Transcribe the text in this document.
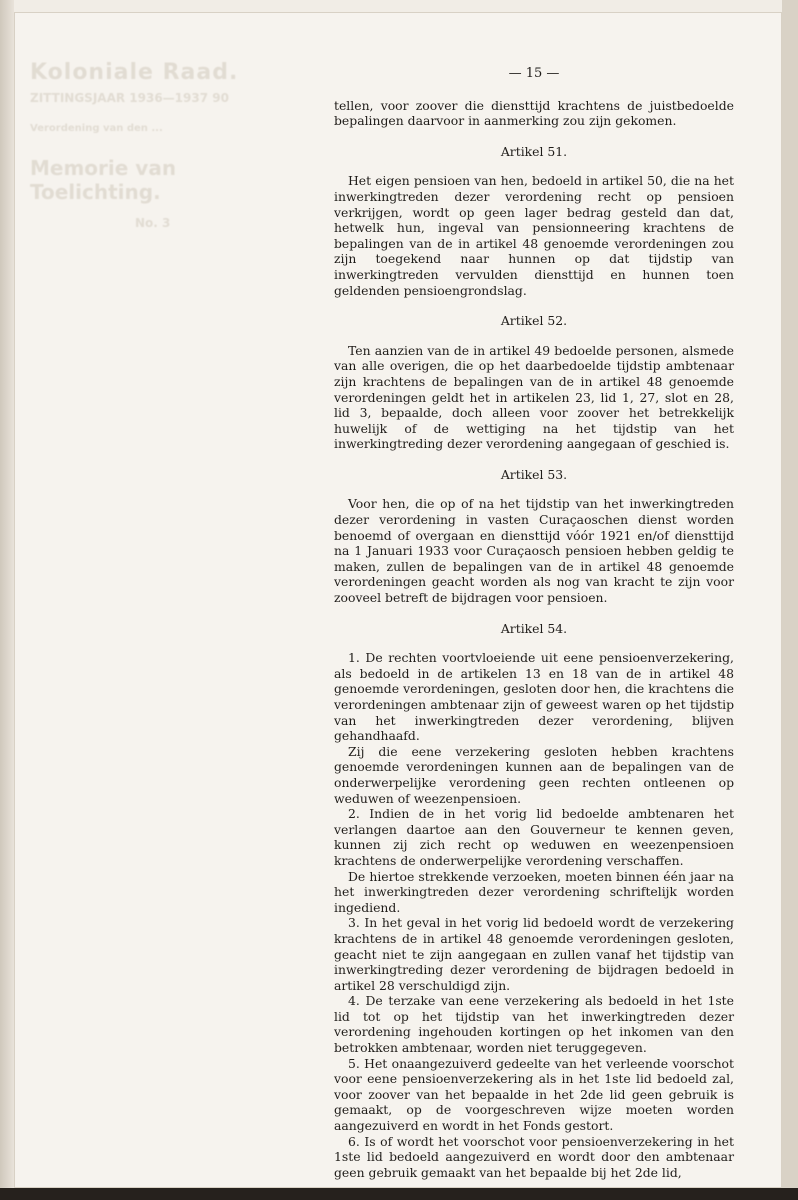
Koloniale Raad.
ZITTINGSJAAR 1936—1937 90
Verordening van den ...
Memorie van Toelichting.
No. 3
— 15 —

tellen, voor zoover die diensttijd krachtens de juistbedoelde bepalingen daarvoor in aanmerking zou zijn gekomen.

Artikel 51.

Het eigen pensioen van hen, bedoeld in artikel 50, die na het inwerkingtreden dezer verordening recht op pensioen verkrijgen, wordt op geen lager bedrag gesteld dan dat, hetwelk hun, ingeval van pensionneering krachtens de bepalingen van de in artikel 48 genoemde verordeningen zou zijn toegekend naar hunnen op dat tijdstip van inwerkingtreden vervulden diensttijd en hunnen toen geldenden pensioengrondslag.

Artikel 52.

Ten aanzien van de in artikel 49 bedoelde personen, alsmede van alle overigen, die op het daarbedoelde tijdstip ambtenaar zijn krachtens de bepalingen van de in artikel 48 genoemde verordeningen geldt het in artikelen 23, lid 1, 27, slot en 28, lid 3, bepaalde, doch alleen voor zoover het betrekkelijk huwelijk of de wettiging na het tijdstip van het inwerkingtreding dezer verordening aangegaan of geschied is.

Artikel 53.

Voor hen, die op of na het tijdstip van het inwerkingtreden dezer verordening in vasten Curaçaoschen dienst worden benoemd of overgaan en diensttijd vóór 1921 en/of diensttijd na 1 Januari 1933 voor Curaçaosch pensioen hebben geldig te maken, zullen de bepalingen van de in artikel 48 genoemde verordeningen geacht worden als nog van kracht te zijn voor zooveel betreft de bijdragen voor pensioen.

Artikel 54.

1. De rechten voortvloeiende uit eene pensioenverzekering, als bedoeld in de artikelen 13 en 18 van de in artikel 48 genoemde verordeningen, gesloten door hen, die krachtens die verordeningen ambtenaar zijn of geweest waren op het tijdstip van het inwerkingtreden dezer verordening, blijven gehandhaafd.

Zij die eene verzekering gesloten hebben krachtens genoemde verordeningen kunnen aan de bepalingen van de onderwerpelijke verordening geen rechten ontleenen op weduwen of weezenpensioen.

2. Indien de in het vorig lid bedoelde ambtenaren het verlangen daartoe aan den Gouverneur te kennen geven, kunnen zij zich recht op weduwen en weezenpensioen krachtens de onderwerpelijke verordening verschaffen.

De hiertoe strekkende verzoeken, moeten binnen één jaar na het inwerkingtreden dezer verordening schriftelijk worden ingediend.

3. In het geval in het vorig lid bedoeld wordt de verzekering krachtens de in artikel 48 genoemde verordeningen gesloten, geacht niet te zijn aangegaan en zullen vanaf het tijdstip van inwerkingtreding dezer verordening de bijdragen bedoeld in artikel 28 verschuldigd zijn.

4. De terzake van eene verzekering als bedoeld in het 1ste lid tot op het tijdstip van het inwerkingtreden dezer verordening ingehouden kortingen op het inkomen van den betrokken ambtenaar, worden niet teruggegeven.

5. Het onaangezuiverd gedeelte van het verleende voorschot voor eene pensioenverzekering als in het 1ste lid bedoeld zal, voor zoover van het bepaalde in het 2de lid geen gebruik is gemaakt, op de voorgeschreven wijze moeten worden aangezuiverd en wordt in het Fonds gestort.

6. Is of wordt het voorschot voor pensioenverzekering in het 1ste lid bedoeld aangezuiverd en wordt door den ambtenaar geen gebruik gemaakt van het bepaalde bij het 2de lid,
